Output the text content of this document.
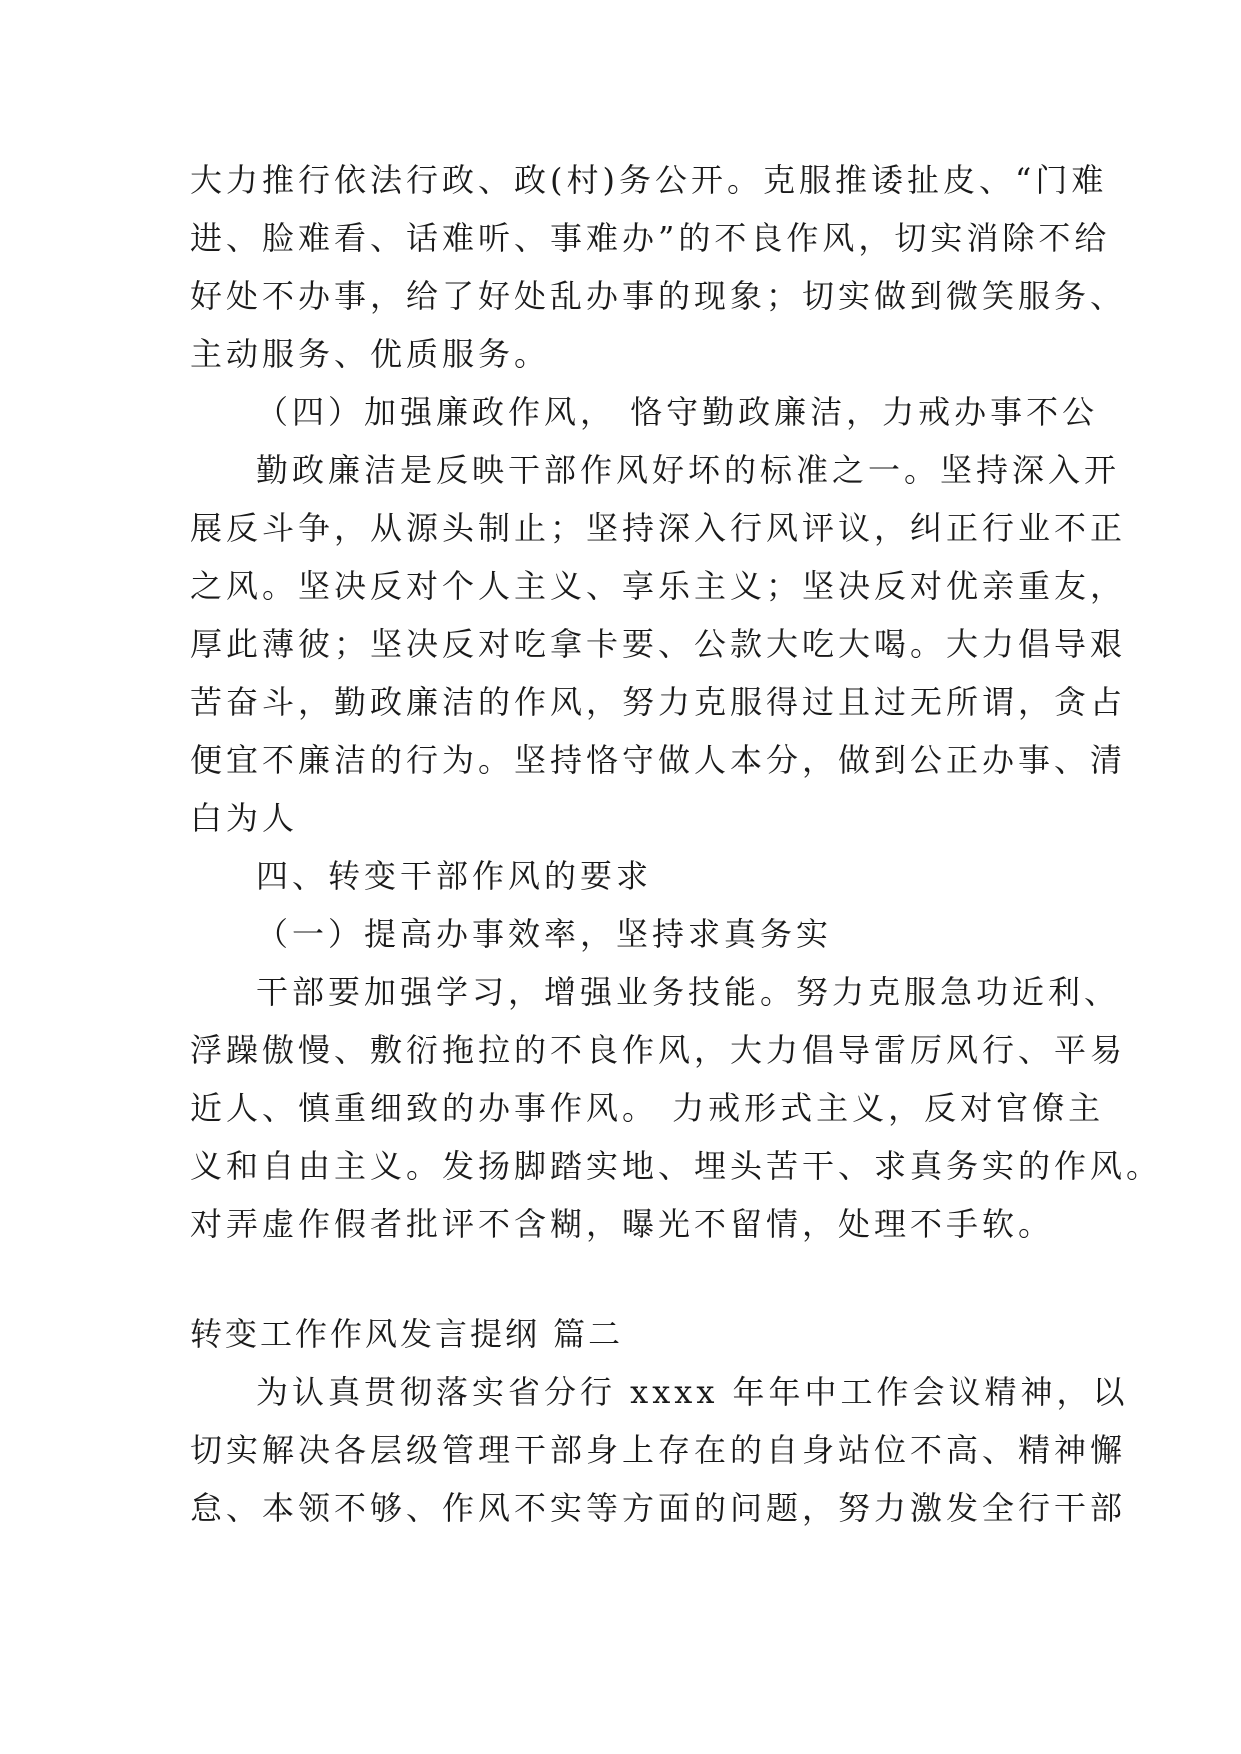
大力推行依法行政、政(村)务公开。克服推诿扯皮、“门难

进、脸难看、话难听、事难办”的不良作风，切实消除不给

好处不办事，给了好处乱办事的现象；切实做到微笑服务、

主动服务、优质服务。

（四）加强廉政作风， 恪守勤政廉洁，力戒办事不公

勤政廉洁是反映干部作风好坏的标准之一。坚持深入开

展反斗争，从源头制止；坚持深入行风评议，纠正行业不正

之风。坚决反对个人主义、享乐主义；坚决反对优亲重友，

厚此薄彼；坚决反对吃拿卡要、公款大吃大喝。大力倡导艰

苦奋斗，勤政廉洁的作风，努力克服得过且过无所谓，贪占

便宜不廉洁的行为。坚持恪守做人本分，做到公正办事、清

白为人

四、转变干部作风的要求

（一）提高办事效率，坚持求真务实

干部要加强学习，增强业务技能。努力克服急功近利、

浮躁傲慢、敷衍拖拉的不良作风，大力倡导雷厉风行、平易

近人、慎重细致的办事作风。 力戒形式主义，反对官僚主

义和自由主义。发扬脚踏实地、埋头苦干、求真务实的作风。

对弄虚作假者批评不含糊，曝光不留情，处理不手软。

转变工作作风发言提纲 篇二

为认真贯彻落实省分行 xxxx 年年中工作会议精神，以

切实解决各层级管理干部身上存在的自身站位不高、精神懈

怠、本领不够、作风不实等方面的问题，努力激发全行干部
